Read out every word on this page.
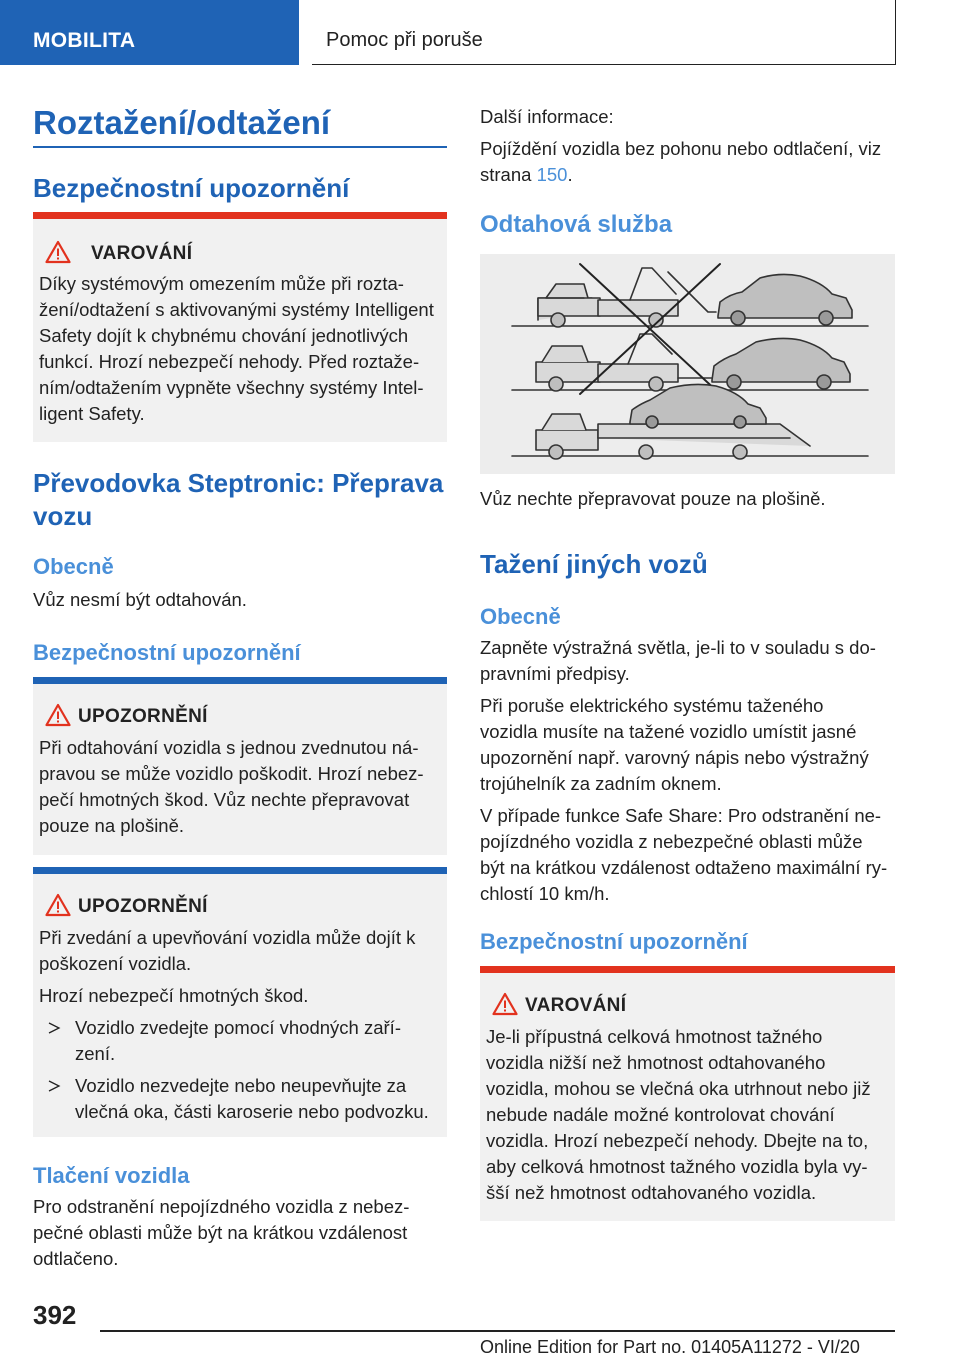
MOBILITA	Pomoc při poruše
Roztažení/odtažení
Bezpečnostní upozornění
VAROVÁNÍ
Díky systémovým omezením může při rozta-
žení/odtažení s aktivovanými systémy Intelligent
Safety dojít k chybnému chování jednotlivých
funkcí. Hrozí nebezpečí nehody. Před roztaže-
ním/odtažením vypněte všechny systémy Intel-
ligent Safety.
Převodovka Steptronic: Přeprava
vozu
Obecně
Vůz nesmí být odtahován.
Bezpečnostní upozornění
UPOZORNĚNÍ
Při odtahování vozidla s jednou zvednutou ná-
pravou se může vozidlo poškodit. Hrozí nebez-
pečí hmotných škod. Vůz nechte přepravovat
pouze na plošině.
UPOZORNĚNÍ
Při zvedání a upevňování vozidla může dojít k
poškození vozidla.
Hrozí nebezpečí hmotných škod.
Vozidlo zvedejte pomocí vhodných zaří-
zení.
Vozidlo nezvedejte nebo neupevňujte za
vlečná oka, části karoserie nebo podvozku.
Tlačení vozidla
Pro odstranění nepojízdného vozidla z nebez-
pečné oblasti může být na krátkou vzdálenost
odtlačeno.
Další informace:
Pojíždění vozidla bez pohonu nebo odtlačení, viz
strana 150.
Odtahová služba
Vůz nechte přepravovat pouze na plošině.
Tažení jiných vozů
Obecně
Zapněte výstražná světla, je-li to v souladu s do-
pravními předpisy.
Při poruše elektrického systému taženého
vozidla musíte na tažené vozidlo umístit jasné
upozornění např. varovný nápis nebo výstražný
trojúhelník za zadním oknem.
V případe funkce Safe Share: Pro odstranění ne-
pojízdného vozidla z nebezpečné oblasti může
být na krátkou vzdálenost odtaženo maximální ry-
chlostí 10 km/h.
Bezpečnostní upozornění
VAROVÁNÍ
Je-li přípustná celková hmotnost tažného
vozidla nižší než hmotnost odtahovaného
vozidla, mohou se vlečná oka utrhnout nebo již
nebude nadále možné kontrolovat chování
vozidla. Hrozí nebezpečí nehody. Dbejte na to,
aby celková hmotnost tažného vozidla byla vy-
šší než hmotnost odtahovaného vozidla.
392
Online Edition for Part no. 01405A11272 - VI/20
